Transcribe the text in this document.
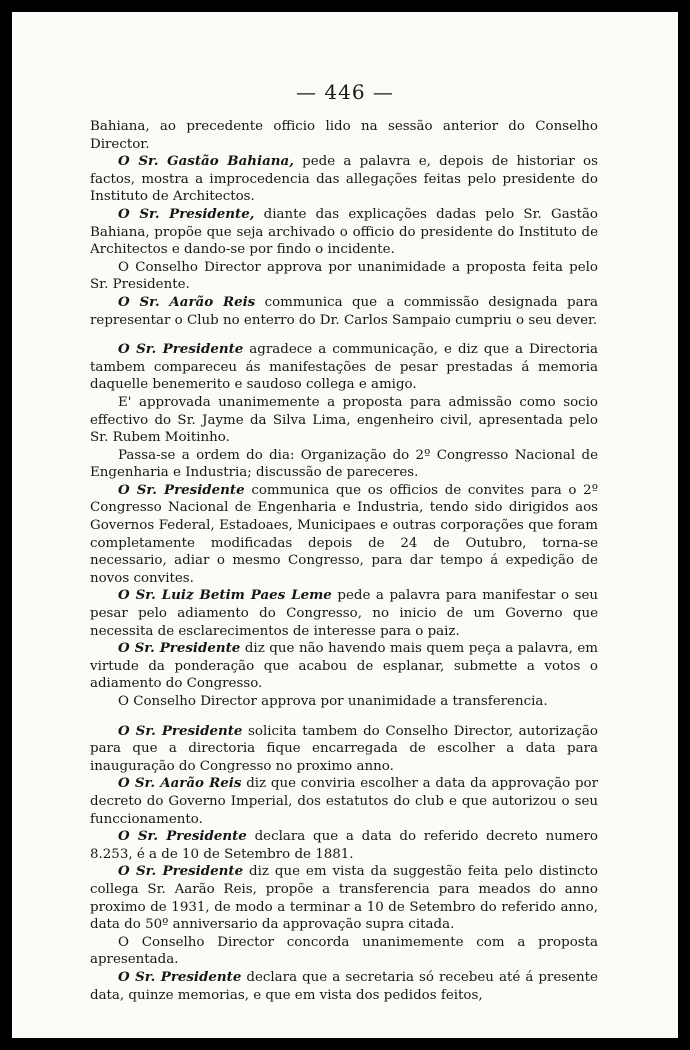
— 446 —

Bahiana, ao precedente officio lido na sessão anterior do Conselho Director.

O Sr. Gastão Bahiana, pede a palavra e, depois de historiar os factos, mostra a improcedencia das allegações feitas pelo presidente do Instituto de Architectos.

O Sr. Presidente, diante das explicações dadas pelo Sr. Gastão Bahiana, propõe que seja archivado o officio do presidente do Instituto de Architectos e dando-se por findo o incidente.

O Conselho Director approva por unanimidade a proposta feita pelo Sr. Presidente.

O Sr. Aarão Reis communica que a commissão designada para representar o Club no enterro do Dr. Carlos Sampaio cumpriu o seu dever.

O Sr. Presidente agradece a communicação, e diz que a Directoria tambem compareceu ás manifestações de pesar prestadas á memoria daquelle benemerito e saudoso collega e amigo.

E' approvada unanimemente a proposta para admissão como socio effectivo do Sr. Jayme da Silva Lima, engenheiro civil, apresentada pelo Sr. Rubem Moitinho.

Passa-se a ordem do dia: Organização do 2º Congresso Nacional de Engenharia e Industria; discussão de pareceres.

O Sr. Presidente communica que os officios de convites para o 2º Congresso Nacional de Engenharia e Industria, tendo sido dirigidos aos Governos Federal, Estadoaes, Municipaes e outras corporações que foram completamente modificadas depois de 24 de Outubro, torna-se necessario, adiar o mesmo Congresso, para dar tempo á expedição de novos convites.

O Sr. Luiz Betim Paes Leme pede a palavra para manifestar o seu pesar pelo adiamento do Congresso, no inicio de um Governo que necessita de esclarecimentos de interesse para o paiz.

O Sr. Presidente diz que não havendo mais quem peça a palavra, em virtude da ponderação que acabou de esplanar, submette a votos o adiamento do Congresso.

O Conselho Director approva por unanimidade a transferencia.

O Sr. Presidente solicita tambem do Conselho Director, autorização para que a directoria fique encarregada de escolher a data para inauguração do Congresso no proximo anno.

O Sr. Aarão Reis diz que conviria escolher a data da approvação por decreto do Governo Imperial, dos estatutos do club e que autorizou o seu funccionamento.

O Sr. Presidente declara que a data do referido decreto numero 8.253, é a de 10 de Setembro de 1881.

O Sr. Presidente diz que em vista da suggestão feita pelo distincto collega Sr. Aarão Reis, propõe a transferencia para meados do anno proximo de 1931, de modo a terminar a 10 de Setembro do referido anno, data do 50º anniversario da approvação supra citada.

O Conselho Director concorda unanimemente com a proposta apresentada.

O Sr. Presidente declara que a secretaria só recebeu até á presente data, quinze memorias, e que em vista dos pedidos feitos,
